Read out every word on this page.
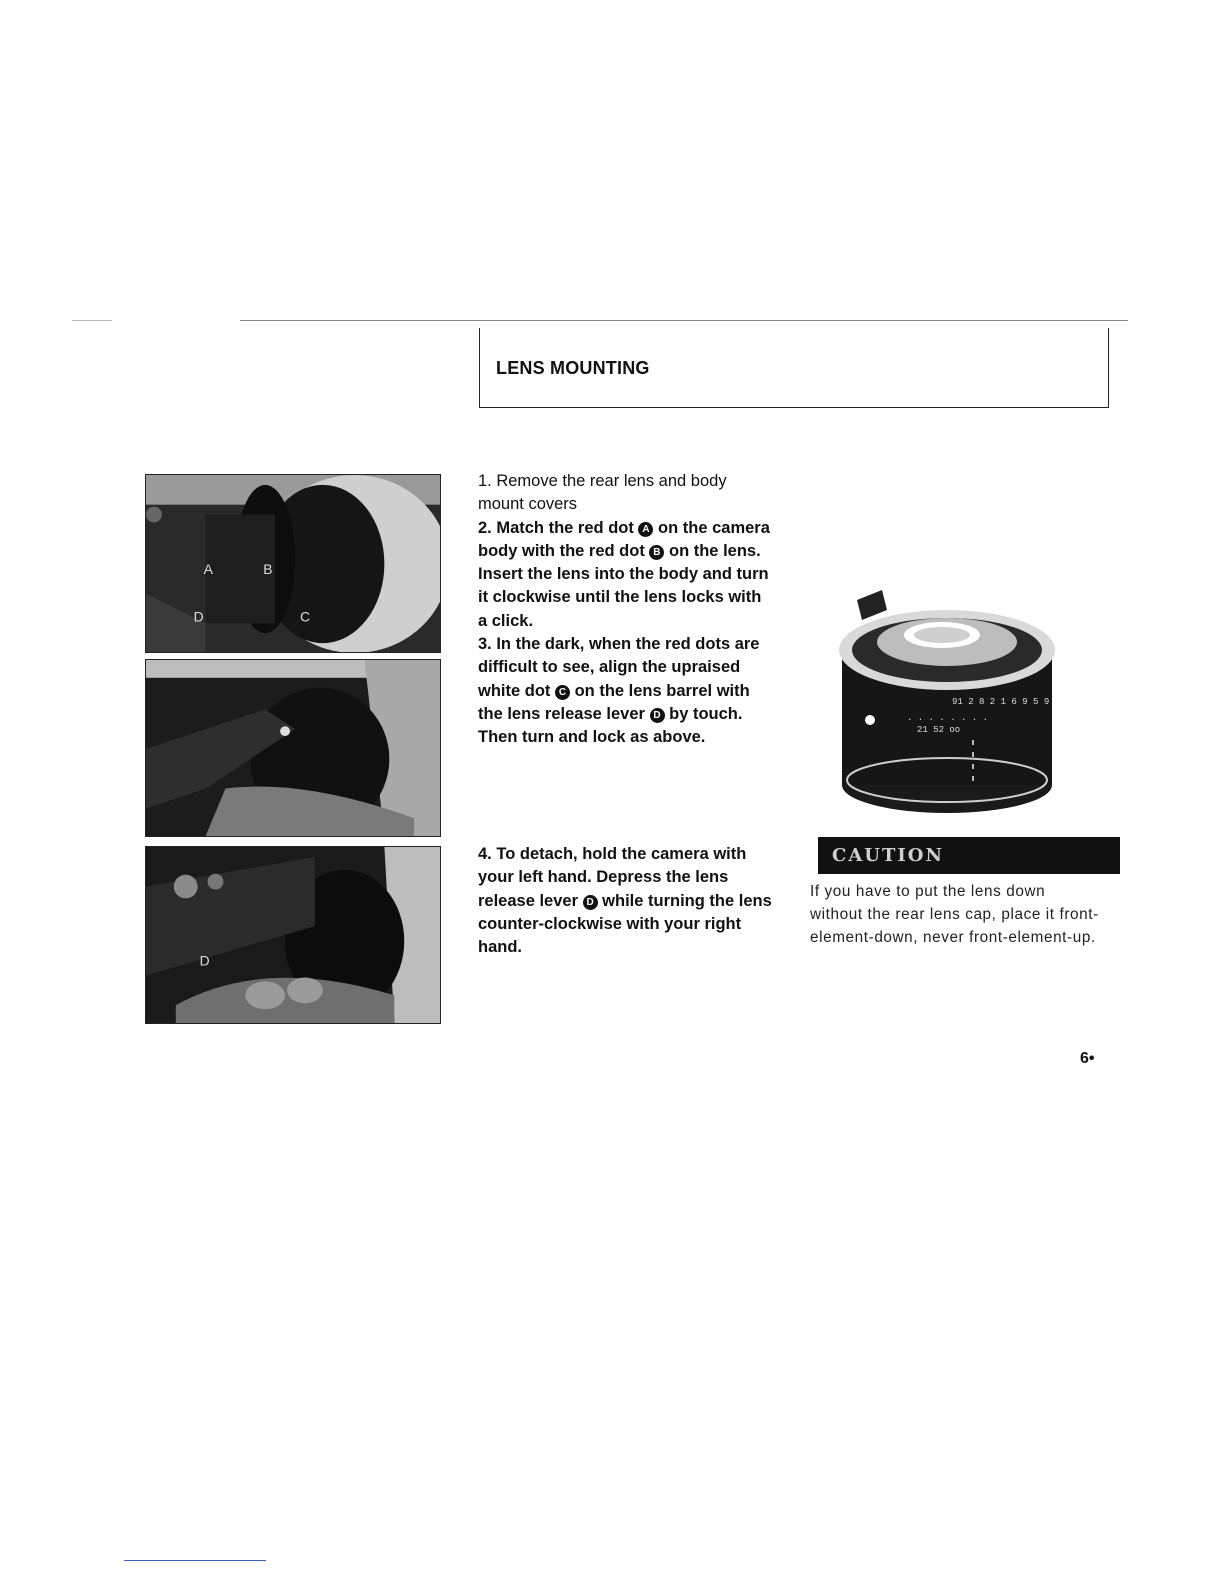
LENS MOUNTING
A	B
D	C
D

1. Remove the rear lens and body mount covers

2. Match the red dot A on the camera body with the red dot B on the lens. Insert the lens into the body and turn it clockwise until the lens locks with a click.

3. In the dark, when the red dots are difficult to see, align the upraised white dot C on the lens barrel with the lens release lever D by touch. Then turn and lock as above.

4. To detach, hold the camera with your left hand. Depress the lens release lever D while turning the lens counter-clockwise with your right hand.

91 2 8 2 1 6 9 5 9
. . . . . . . .
21 52 oo
CAUTION

If you have to put the lens down without the rear lens cap, place it front-element-down, never front-element-up.

6•
